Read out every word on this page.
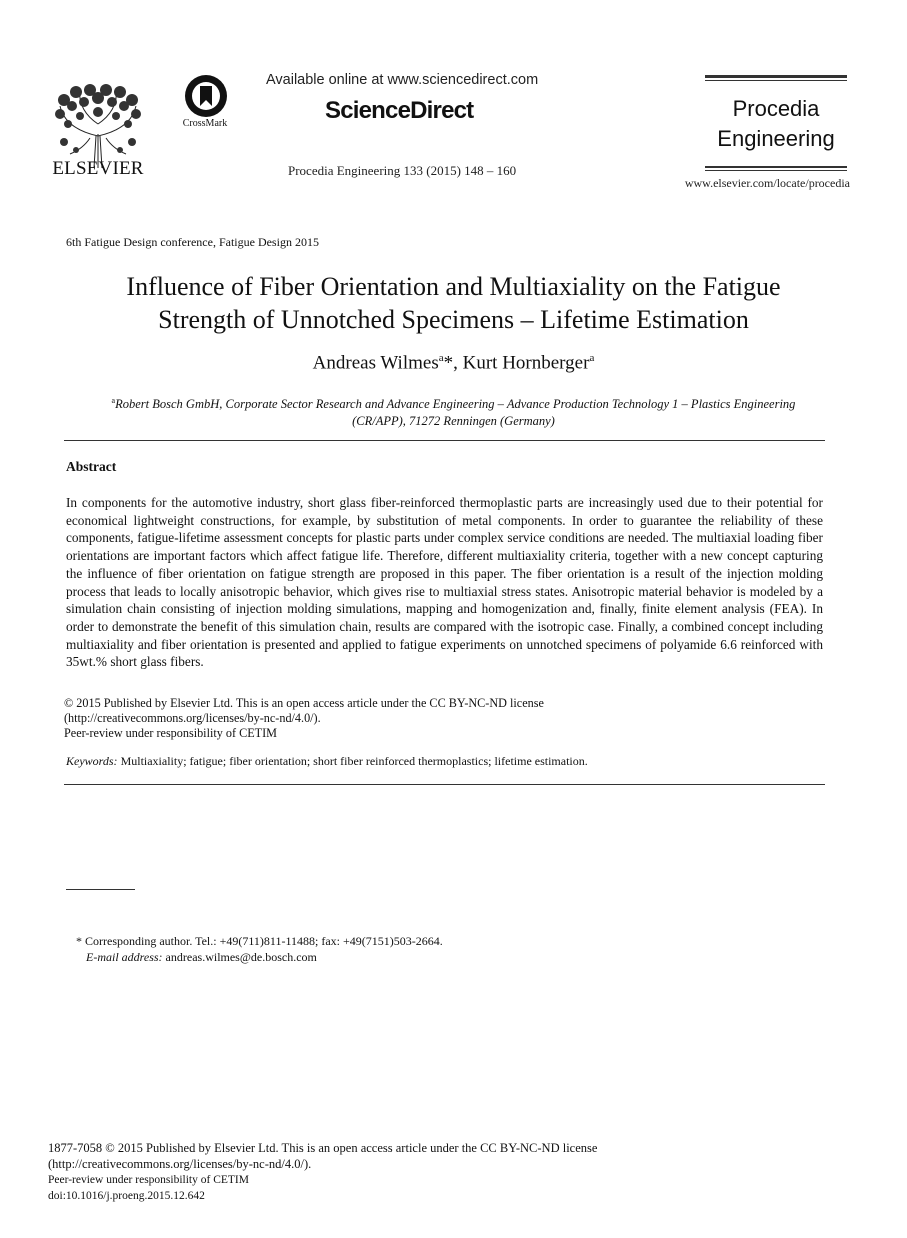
ELSEVIER
CrossMark
Available online at www.sciencedirect.com
ScienceDirect
Procedia Engineering 133 (2015) 148 – 160
Procedia
Engineering
www.elsevier.com/locate/procedia
6th Fatigue Design conference, Fatigue Design 2015
Influence of Fiber Orientation and Multiaxiality on the Fatigue
Strength of Unnotched Specimens – Lifetime Estimation
Andreas Wilmes$^a$*, Kurt Hornberger$^a$
$^a$Robert Bosch GmbH, Corporate Sector Research and Advance Engineering – Advance Production Technology 1 – Plastics Engineering
(CR/APP), 71272 Renningen (Germany)
Abstract
In components for the automotive industry, short glass fiber-reinforced thermoplastic parts are increasingly used due to their potential for economical lightweight constructions, for example, by substitution of metal components. In order to guarantee the reliability of these components, fatigue-lifetime assessment concepts for plastic parts under complex service conditions are needed. The multiaxial loading fiber orientations are important factors which affect fatigue life. Therefore, different multiaxiality criteria, together with a new concept capturing the influence of fiber orientation on fatigue strength are proposed in this paper. The fiber orientation is a result of the injection molding process that leads to locally anisotropic behavior, which gives rise to multiaxial stress states. Anisotropic material behavior is modeled by a simulation chain consisting of injection molding simulations, mapping and homogenization and, finally, finite element analysis (FEA). In order to demonstrate the benefit of this simulation chain, results are compared with the isotropic case. Finally, a combined concept including multiaxiality and fiber orientation is presented and applied to fatigue experiments on unnotched specimens of polyamide 6.6 reinforced with 35wt.% short glass fibers.
© 2015 Published by Elsevier Ltd. This is an open access article under the CC BY-NC-ND license
(http://creativecommons.org/licenses/by-nc-nd/4.0/).
Peer-review under responsibility of CETIM
Keywords: Multiaxiality; fatigue; fiber orientation; short fiber reinforced thermoplastics; lifetime estimation.
* Corresponding author. Tel.: +49(711)811-11488; fax: +49(7151)503-2664.
E-mail address: andreas.wilmes@de.bosch.com
1877-7058 © 2015 Published by Elsevier Ltd. This is an open access article under the CC BY-NC-ND license
(http://creativecommons.org/licenses/by-nc-nd/4.0/).
Peer-review under responsibility of CETIM
doi:10.1016/j.proeng.2015.12.642
